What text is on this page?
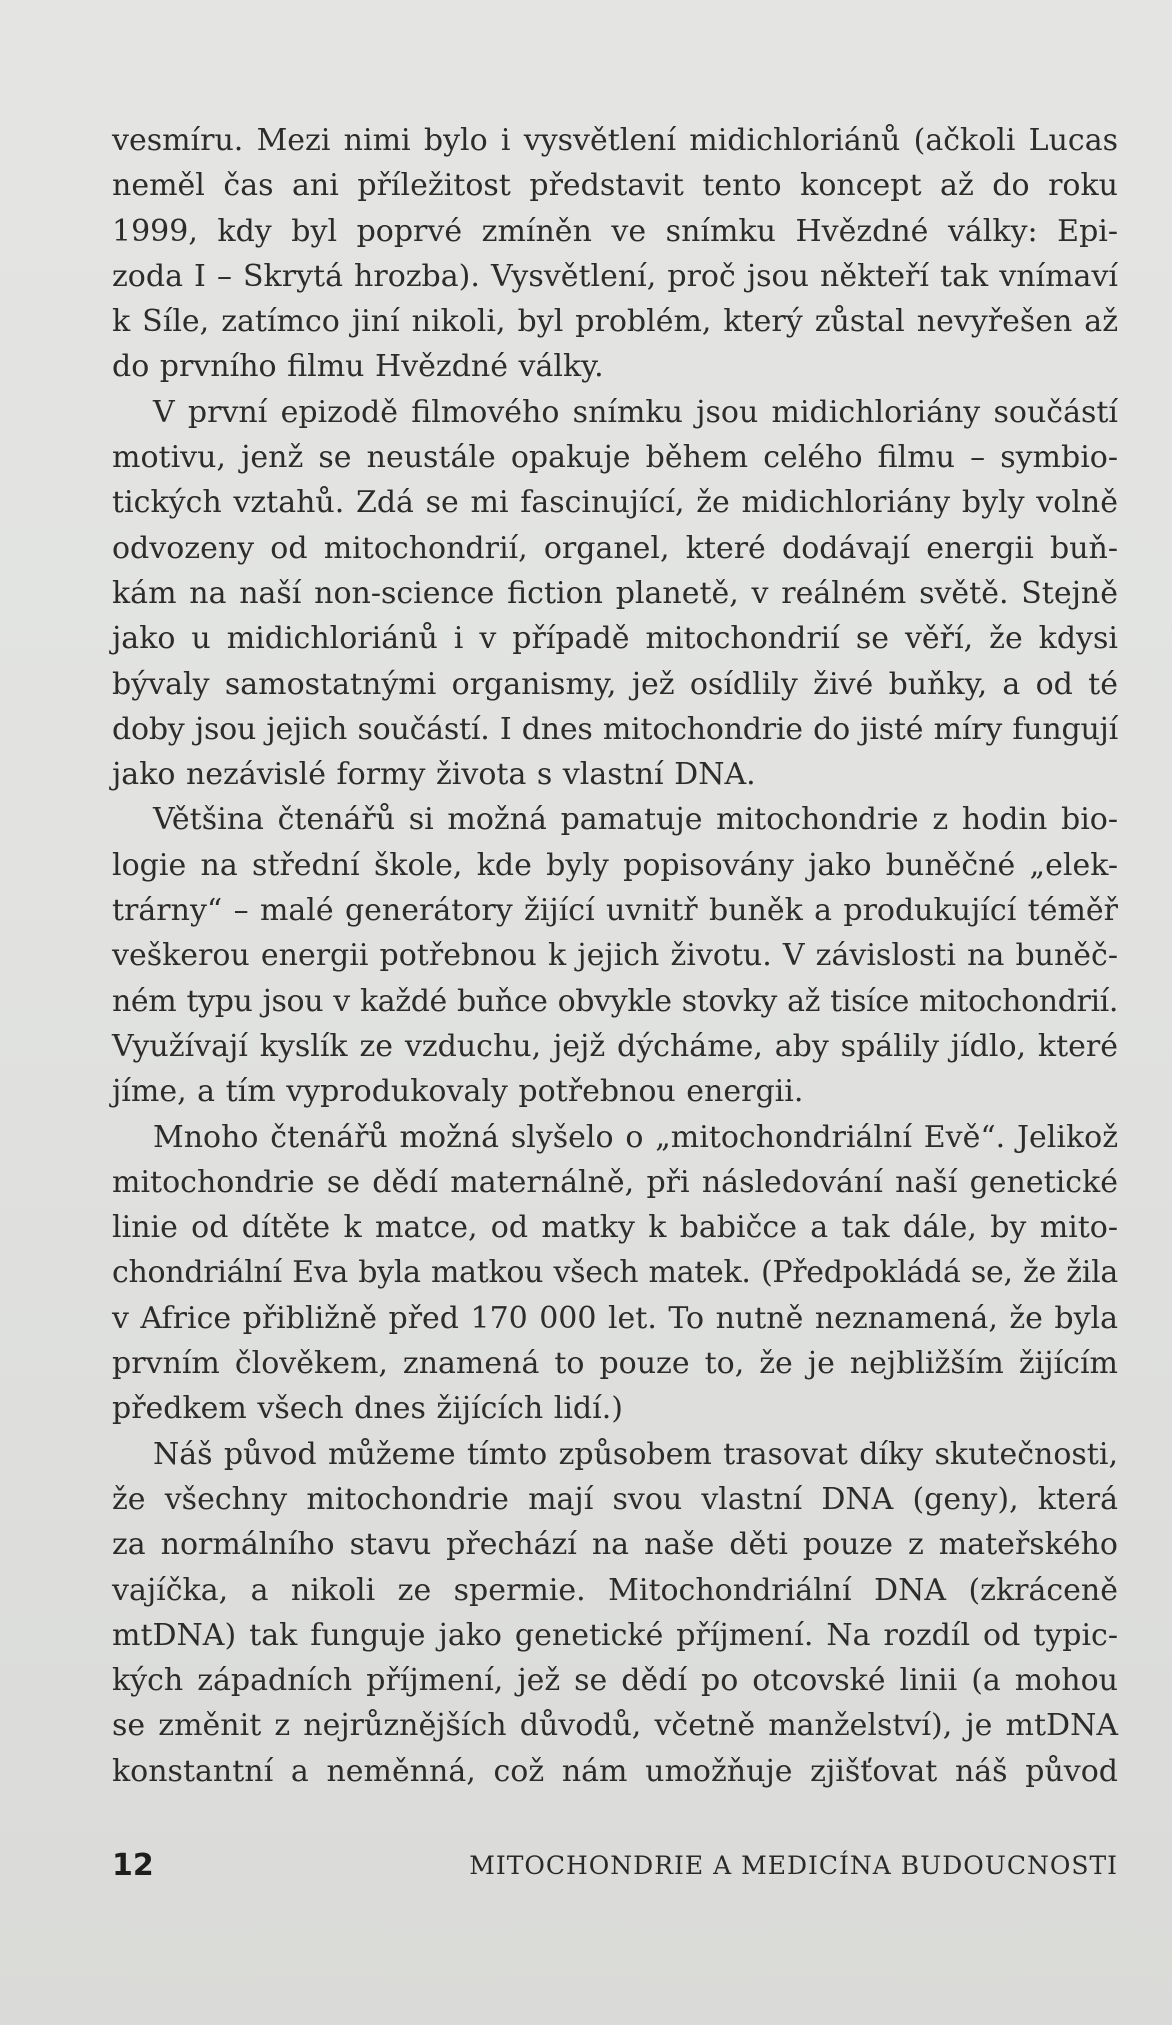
vesmíru. Mezi nimi bylo i vysvětlení midichloriánů (ačkoli Lucas
neměl čas ani příležitost představit tento koncept až do roku
1999, kdy byl poprvé zmíněn ve snímku Hvězdné války: Epi-
zoda I – Skrytá hrozba). Vysvětlení, proč jsou někteří tak vnímaví
k Síle, zatímco jiní nikoli, byl problém, který zůstal nevyřešen až
do prvního filmu Hvězdné války.
V první epizodě filmového snímku jsou midichloriány součástí
motivu, jenž se neustále opakuje během celého filmu – symbio-
tických vztahů. Zdá se mi fascinující, že midichloriány byly volně
odvozeny od mitochondrií, organel, které dodávají energii buň-
kám na naší non-science fiction planetě, v reálném světě. Stejně
jako u midichloriánů i v případě mitochondrií se věří, že kdysi
bývaly samostatnými organismy, jež osídlily živé buňky, a od té
doby jsou jejich součástí. I dnes mitochondrie do jisté míry fungují
jako nezávislé formy života s vlastní DNA.
Většina čtenářů si možná pamatuje mitochondrie z hodin bio-
logie na střední škole, kde byly popisovány jako buněčné „elek-
trárny“ – malé generátory žijící uvnitř buněk a produkující téměř
veškerou energii potřebnou k jejich životu. V závislosti na buněč-
ném typu jsou v každé buňce obvykle stovky až tisíce mitochondrií.
Využívají kyslík ze vzduchu, jejž dýcháme, aby spálily jídlo, které
jíme, a tím vyprodukovaly potřebnou energii.
Mnoho čtenářů možná slyšelo o „mitochondriální Evě“. Jelikož
mitochondrie se dědí maternálně, při následování naší genetické
linie od dítěte k matce, od matky k babičce a tak dále, by mito-
chondriální Eva byla matkou všech matek. (Předpokládá se, že žila
v Africe přibližně před 170 000 let. To nutně neznamená, že byla
prvním člověkem, znamená to pouze to, že je nejbližším žijícím
předkem všech dnes žijících lidí.)
Náš původ můžeme tímto způsobem trasovat díky skutečnosti,
že všechny mitochondrie mají svou vlastní DNA (geny), která
za normálního stavu přechází na naše děti pouze z mateřského
vajíčka, a nikoli ze spermie. Mitochondriální DNA (zkráceně
mtDNA) tak funguje jako genetické příjmení. Na rozdíl od typic-
kých západních příjmení, jež se dědí po otcovské linii (a mohou
se změnit z nejrůznějších důvodů, včetně manželství), je mtDNA
konstantní a neměnná, což nám umožňuje zjišťovat náš původ
12	MITOCHONDRIE A MEDICÍNA BUDOUCNOSTI
